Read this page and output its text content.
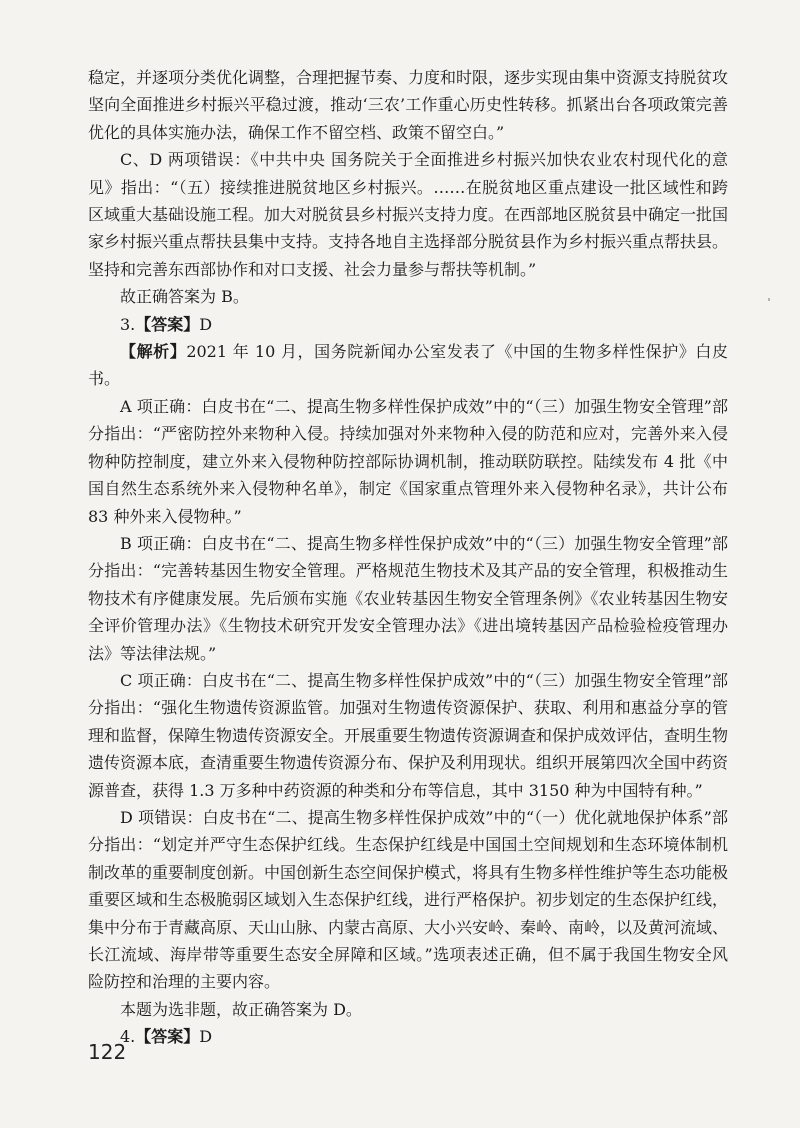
稳定，并逐项分类优化调整，合理把握节奏、力度和时限，逐步实现由集中资源支持脱贫攻坚向全面推进乡村振兴平稳过渡，推动‘三农’工作重心历史性转移。抓紧出台各项政策完善优化的具体实施办法，确保工作不留空档、政策不留空白。”

C、D 两项错误：《中共中央 国务院关于全面推进乡村振兴加快农业农村现代化的意见》指出：“（五）接续推进脱贫地区乡村振兴。……在脱贫地区重点建设一批区域性和跨区域重大基础设施工程。加大对脱贫县乡村振兴支持力度。在西部地区脱贫县中确定一批国家乡村振兴重点帮扶县集中支持。支持各地自主选择部分脱贫县作为乡村振兴重点帮扶县。坚持和完善东西部协作和对口支援、社会力量参与帮扶等机制。”

故正确答案为 B。

3.【答案】D

【解析】2021 年 10 月，国务院新闻办公室发表了《中国的生物多样性保护》白皮书。

A 项正确：白皮书在“二、提高生物多样性保护成效”中的“（三）加强生物安全管理”部分指出：“严密防控外来物种入侵。持续加强对外来物种入侵的防范和应对，完善外来入侵物种防控制度，建立外来入侵物种防控部际协调机制，推动联防联控。陆续发布 4 批《中国自然生态系统外来入侵物种名单》，制定《国家重点管理外来入侵物种名录》，共计公布 83 种外来入侵物种。”

B 项正确：白皮书在“二、提高生物多样性保护成效”中的“（三）加强生物安全管理”部分指出：“完善转基因生物安全管理。严格规范生物技术及其产品的安全管理，积极推动生物技术有序健康发展。先后颁布实施《农业转基因生物安全管理条例》《农业转基因生物安全评价管理办法》《生物技术研究开发安全管理办法》《进出境转基因产品检验检疫管理办法》等法律法规。”

C 项正确：白皮书在“二、提高生物多样性保护成效”中的“（三）加强生物安全管理”部分指出：“强化生物遗传资源监管。加强对生物遗传资源保护、获取、利用和惠益分享的管理和监督，保障生物遗传资源安全。开展重要生物遗传资源调查和保护成效评估，查明生物遗传资源本底，查清重要生物遗传资源分布、保护及利用现状。组织开展第四次全国中药资源普查，获得 1.3 万多种中药资源的种类和分布等信息，其中 3150 种为中国特有种。”

D 项错误：白皮书在“二、提高生物多样性保护成效”中的“（一）优化就地保护体系”部分指出：“划定并严守生态保护红线。生态保护红线是中国国土空间规划和生态环境体制机制改革的重要制度创新。中国创新生态空间保护模式，将具有生物多样性维护等生态功能极重要区域和生态极脆弱区域划入生态保护红线，进行严格保护。初步划定的生态保护红线，集中分布于青藏高原、天山山脉、内蒙古高原、大小兴安岭、秦岭、南岭，以及黄河流域、长江流域、海岸带等重要生态安全屏障和区域。”选项表述正确，但不属于我国生物安全风险防控和治理的主要内容。

本题为选非题，故正确答案为 D。

4.【答案】D

122
